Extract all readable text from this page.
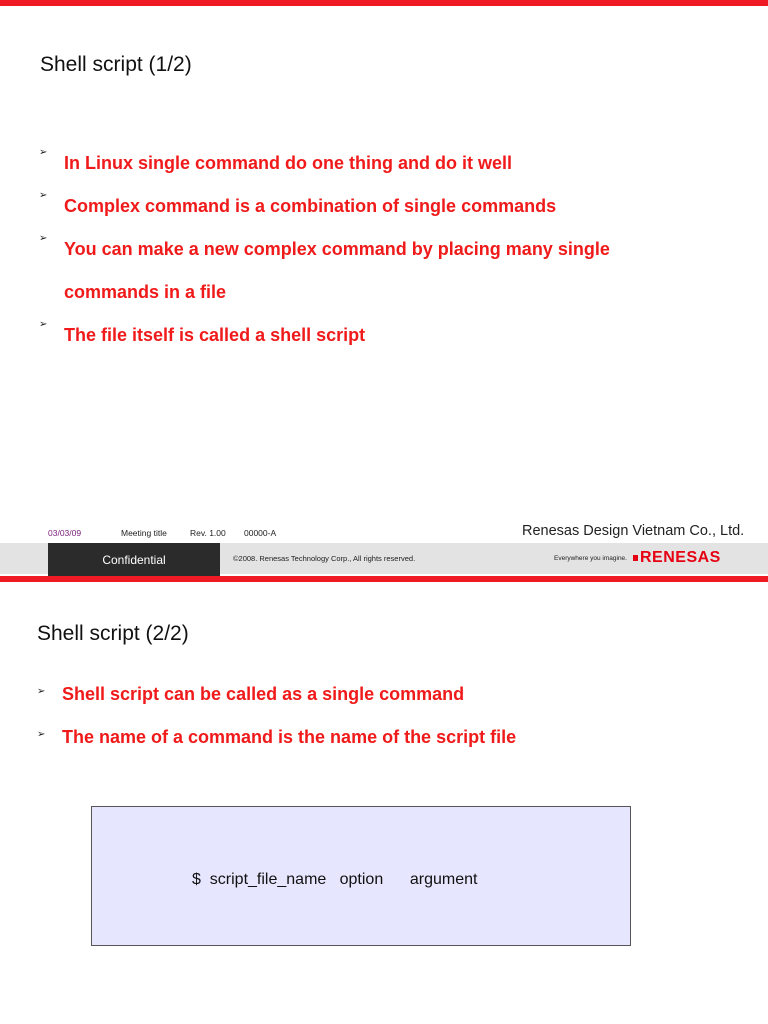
Shell script (1/2)
➢
In Linux single command do one thing and do it well
➢
Complex command is a combination of single commands
➢
You can make a new complex command by placing many single commands in a file
➢
The file itself is called a shell script
03/03/09	Meeting title	Rev. 1.00 00000-A	Renesas Design Vietnam Co., Ltd.
Confidential	©2008. Renesas Technology Corp., All rights reserved.	Everywhere you imagine. RENESAS
Shell script (2/2)
➢ Shell script can be called as a single command
➢ The name of a command is the name of the script file
$  script_file_name   option      argument
